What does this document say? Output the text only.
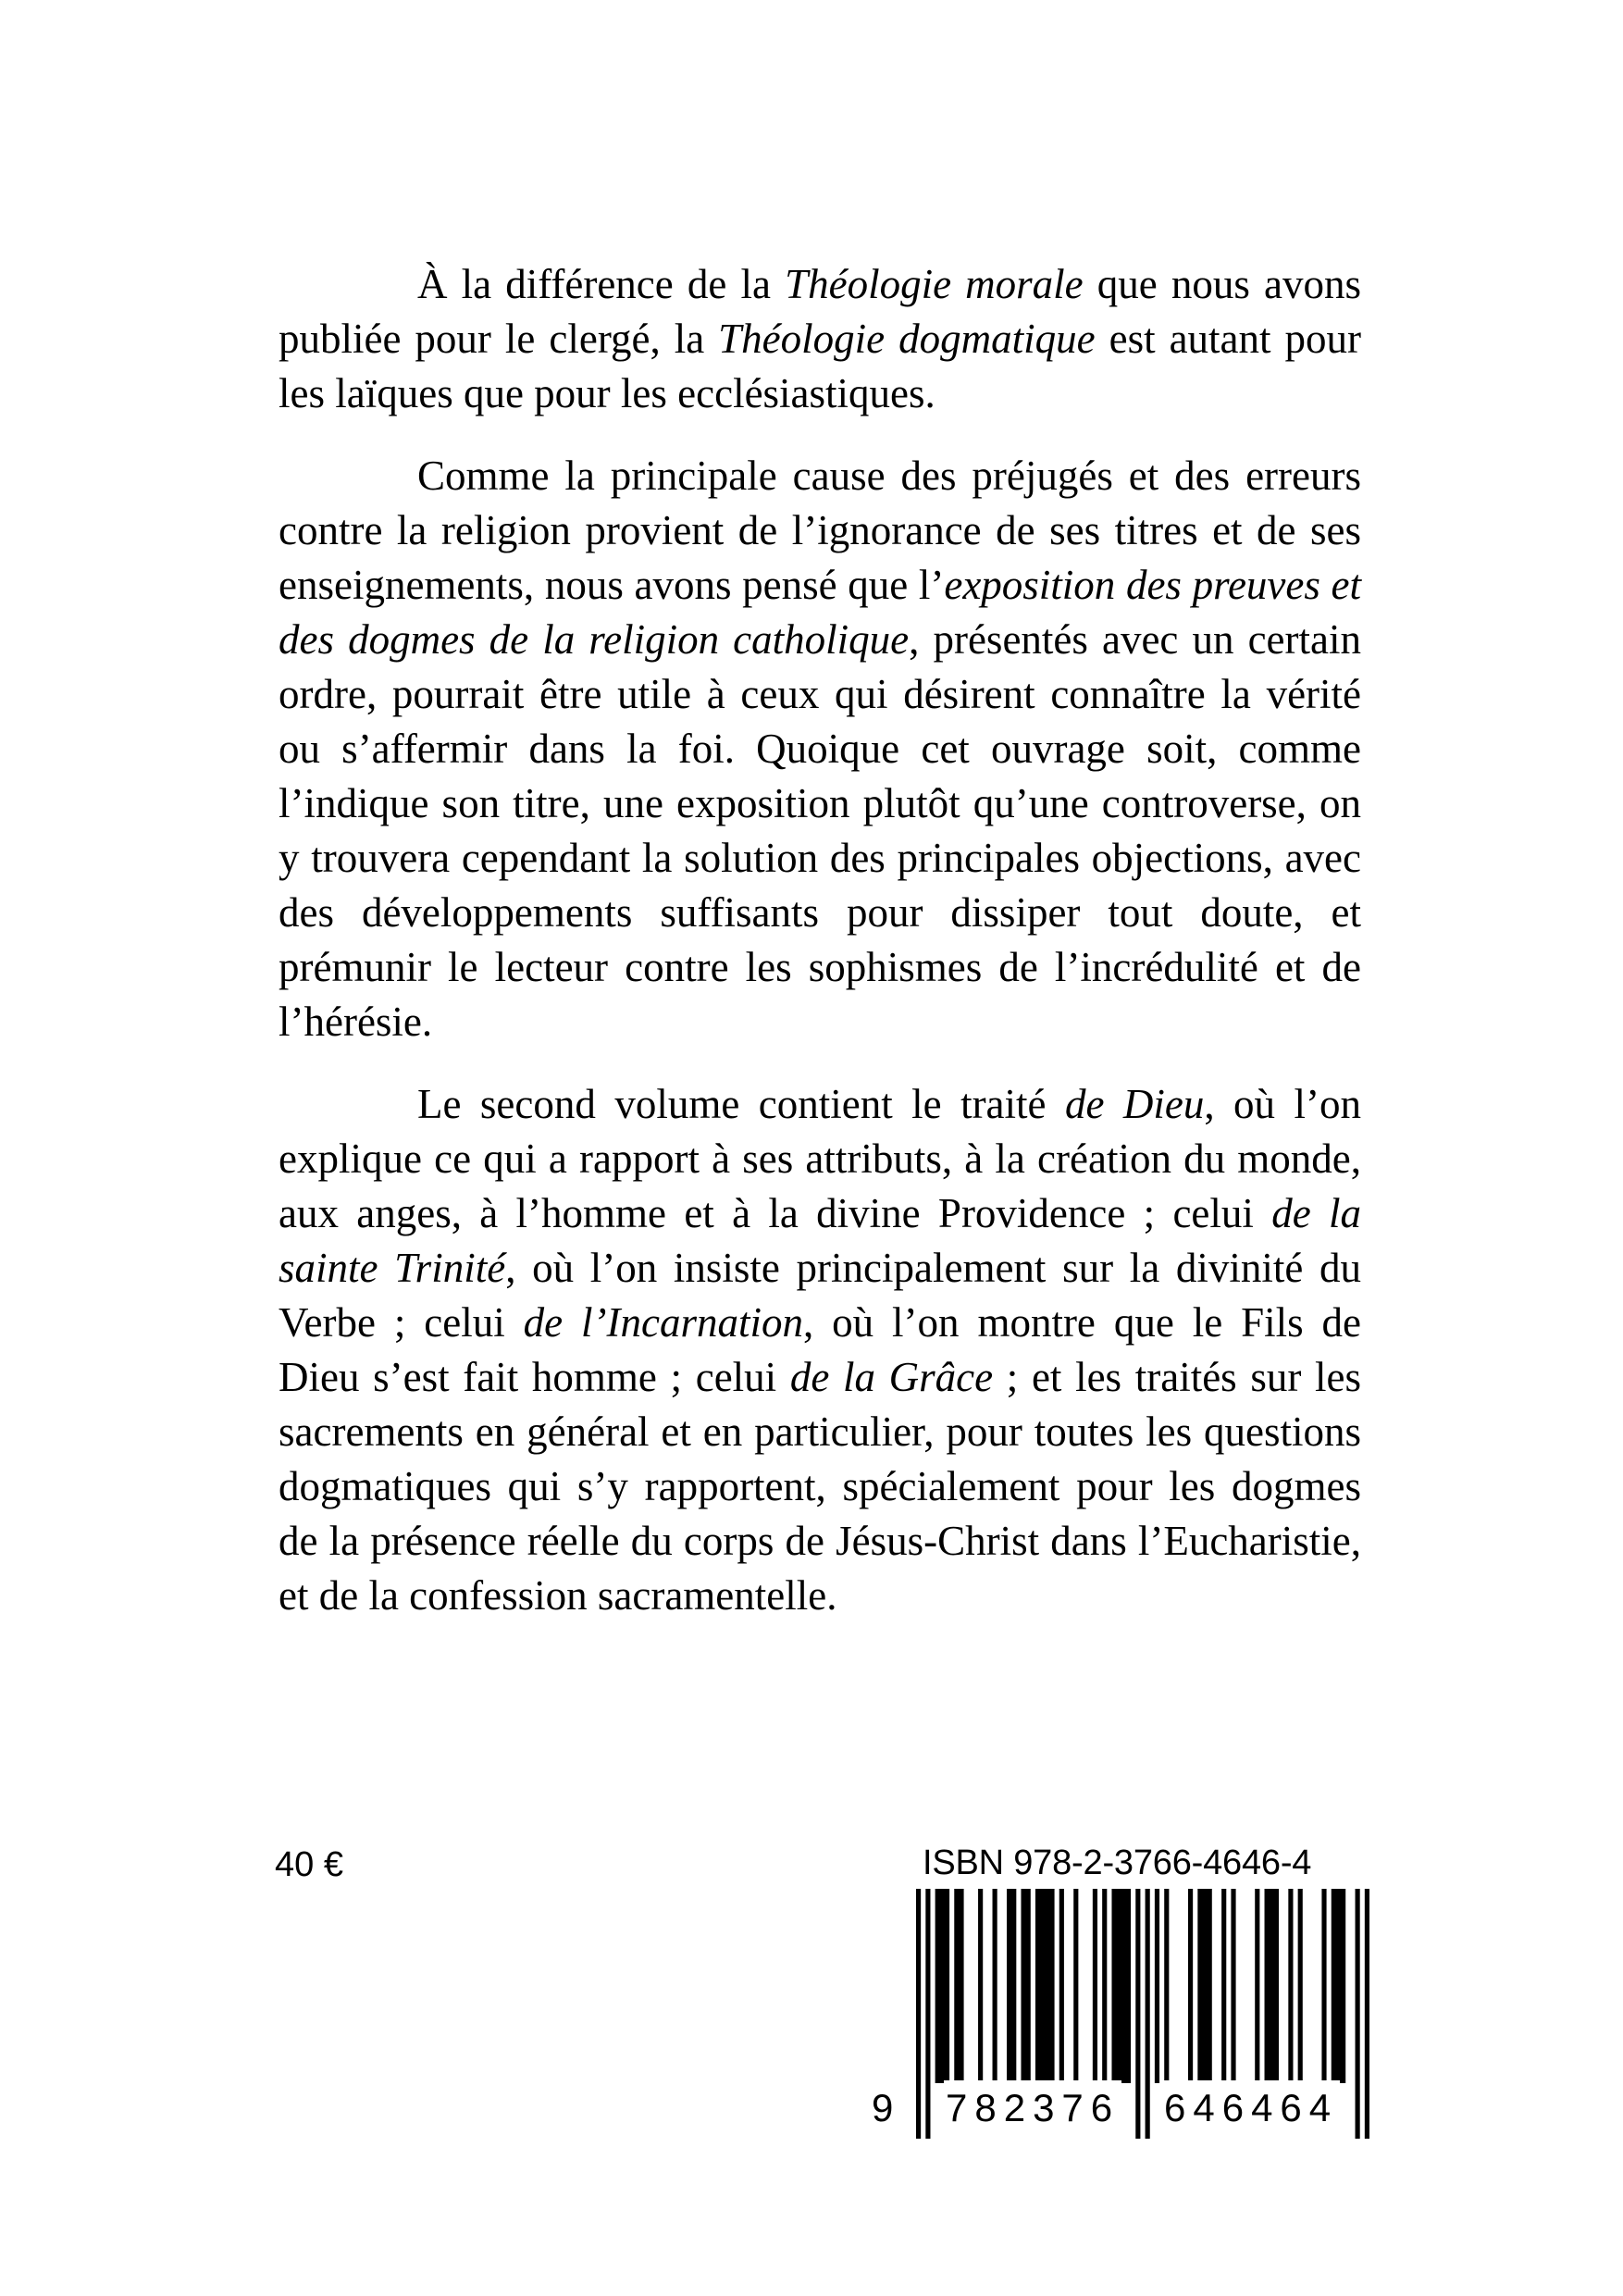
À la différence de la Théologie morale que nous avons publiée pour le clergé, la Théologie dogmatique est autant pour les laïques que pour les ecclésiastiques.

Comme la principale cause des préjugés et des erreurs contre la religion provient de l’ignorance de ses titres et de ses enseignements, nous avons pensé que l’exposition des preuves et des dogmes de la religion catholique, présentés avec un certain ordre, pourrait être utile à ceux qui désirent connaître la vérité ou s’affermir dans la foi. Quoique cet ouvrage soit, comme l’indique son titre, une exposition plutôt qu’une controverse, on y trouvera cependant la solution des principales objections, avec des développements suffisants pour dissiper tout doute, et prémunir le lecteur contre les sophismes de l’incrédulité et de l’hérésie.

Le second volume contient le traité de Dieu, où l’on explique ce qui a rapport à ses attributs, à la création du monde, aux anges, à l’homme et à la divine Providence ; celui de la sainte Trinité, où l’on insiste principalement sur la divinité du Verbe ; celui de l’Incarnation, où l’on montre que le Fils de Dieu s’est fait homme ; celui de la Grâce ; et les traités sur les sacrements en général et en particulier, pour toutes les questions dogmatiques qui s’y rapportent, spécialement pour les dogmes de la présence réelle du corps de Jésus-Christ dans l’Eucharistie, et de la confession sacramentelle.

40 €	ISBN 978-2-3766-4646-4
9 782376 646464
